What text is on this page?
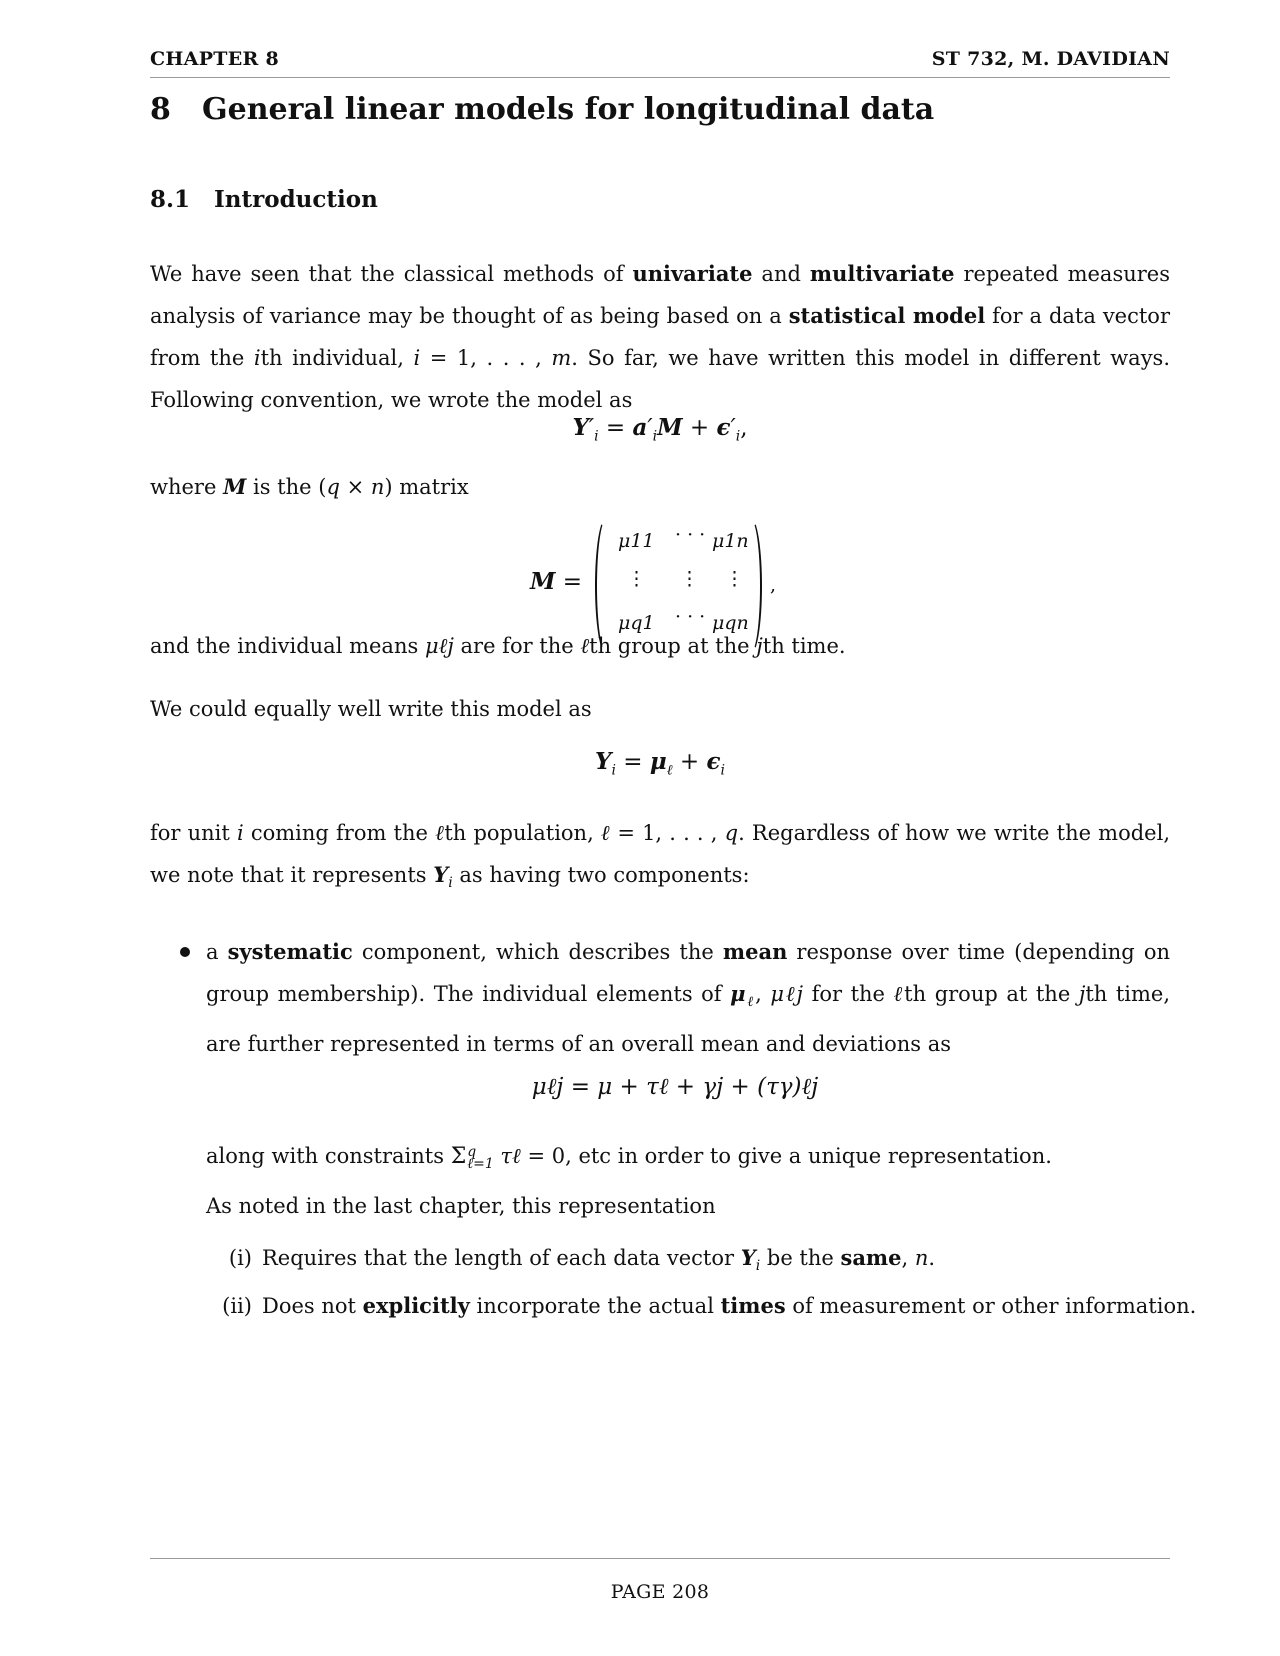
CHAPTER 8	ST 732, M. DAVIDIAN
8 General linear models for longitudinal data
8.1 Introduction
We have seen that the classical methods of univariate and multivariate repeated measures analysis of variance may be thought of as being based on a statistical model for a data vector from the ith individual, i = 1, . . . , m. So far, we have written this model in different ways. Following convention, we wrote the model as
$Y'_i = a'_iM + \epsilon'_i$,
where M is the (q × n) matrix
M =
μ11 · · · μ1n
⋮ ⋮ ⋮
μq1 · · · μqn
,
and the individual means μℓj are for the ℓth group at the jth time.
We could equally well write this model as
$Y_i = \mu_\ell + \epsilon_i$
for unit i coming from the ℓth population, ℓ = 1, . . . , q. Regardless of how we write the model, we note that it represents $Y_i$ as having two components:
a systematic component, which describes the mean response over time (depending on group membership). The individual elements of $\mu_\ell$, μℓj for the ℓth group at the jth time, are further represented in terms of an overall mean and deviations as
μℓj = μ + τℓ + γj + (τγ)ℓj
along with constraints Σ q
ℓ=1 τℓ = 0, etc in order to give a unique representation.
As noted in the last chapter, this representation
(i) Requires that the length of each data vector $Y_i$ be the same, n.
(ii) Does not explicitly incorporate the actual times of measurement or other information.
PAGE 208
